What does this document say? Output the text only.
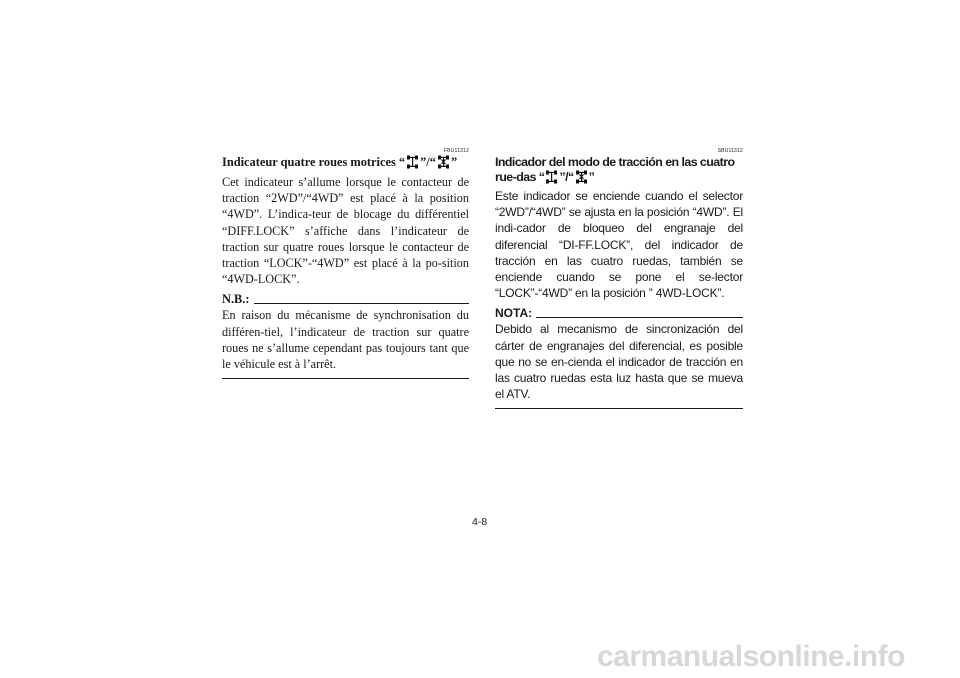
FBU11312
Indicateur quatre roues motrices “ ”/“ ”
Cet indicateur s’allume lorsque le contacteur de traction “2WD”/“4WD” est placé à la position “4WD”. L’indica-teur de blocage du différentiel “DIFF.LOCK” s’affiche dans l’indicateur de traction sur quatre roues lorsque le contacteur de traction “LOCK”-“4WD” est placé à la po-sition “4WD-LOCK”.
N.B.:
En raison du mécanisme de synchronisation du différen-tiel, l’indicateur de traction sur quatre roues ne s’allume cependant pas toujours tant que le véhicule est à l’arrêt.
SBU11312
Indicador del modo de tracción en las cuatro rue-das “ ”/“ ”
Este indicador se enciende cuando el selector “2WD”/“4WD” se ajusta en la posición “4WD”. El indi-cador de bloqueo del engranaje del diferencial “DI-FF.LOCK”, del indicador de tracción en las cuatro ruedas, también se enciende cuando se pone el se-lector “LOCK”-“4WD” en la posición ” 4WD-LOCK”.
NOTA:
Debido al mecanismo de sincronización del cárter de engranajes del diferencial, es posible que no se en-cienda el indicador de tracción en las cuatro ruedas esta luz hasta que se mueva el ATV.
4-8
carmanualsonline.info
